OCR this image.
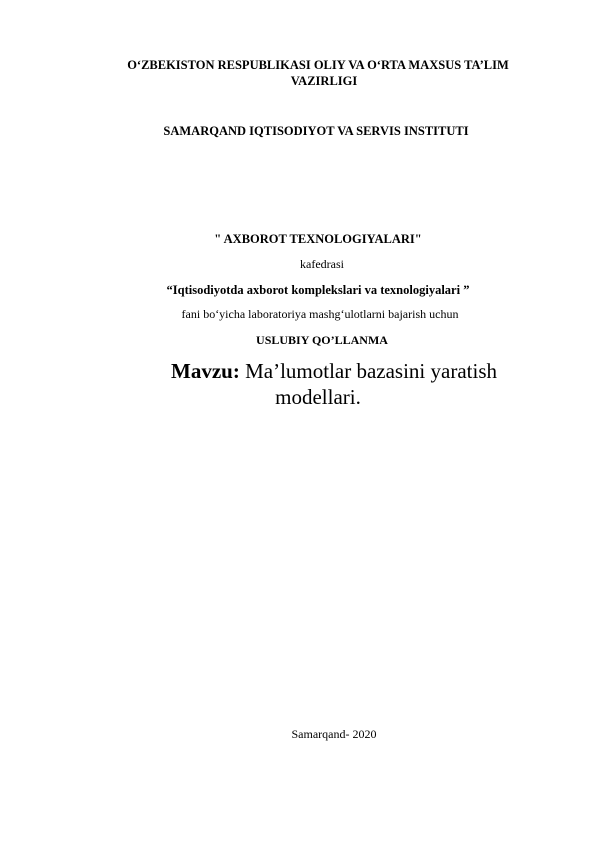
O‘ZBEKISTON RESPUBLIKASI OLIY VA O‘RTA MAXSUS TA’LIM
VAZIRLIGI
SAMARQAND IQTISODIYOT VA SERVIS INSTITUTI
" AXBOROT TEXNOLOGIYALARI"
kafedrasi
“Iqtisodiyotda axborot komplekslari va texnologiyalari ”
fani bo‘yicha laboratoriya mashg‘ulotlarni bajarish uchun
USLUBIY QO’LLANMA
Mavzu: Ma’lumotlar bazasini yaratish
modellari.
Samarqand- 2020
